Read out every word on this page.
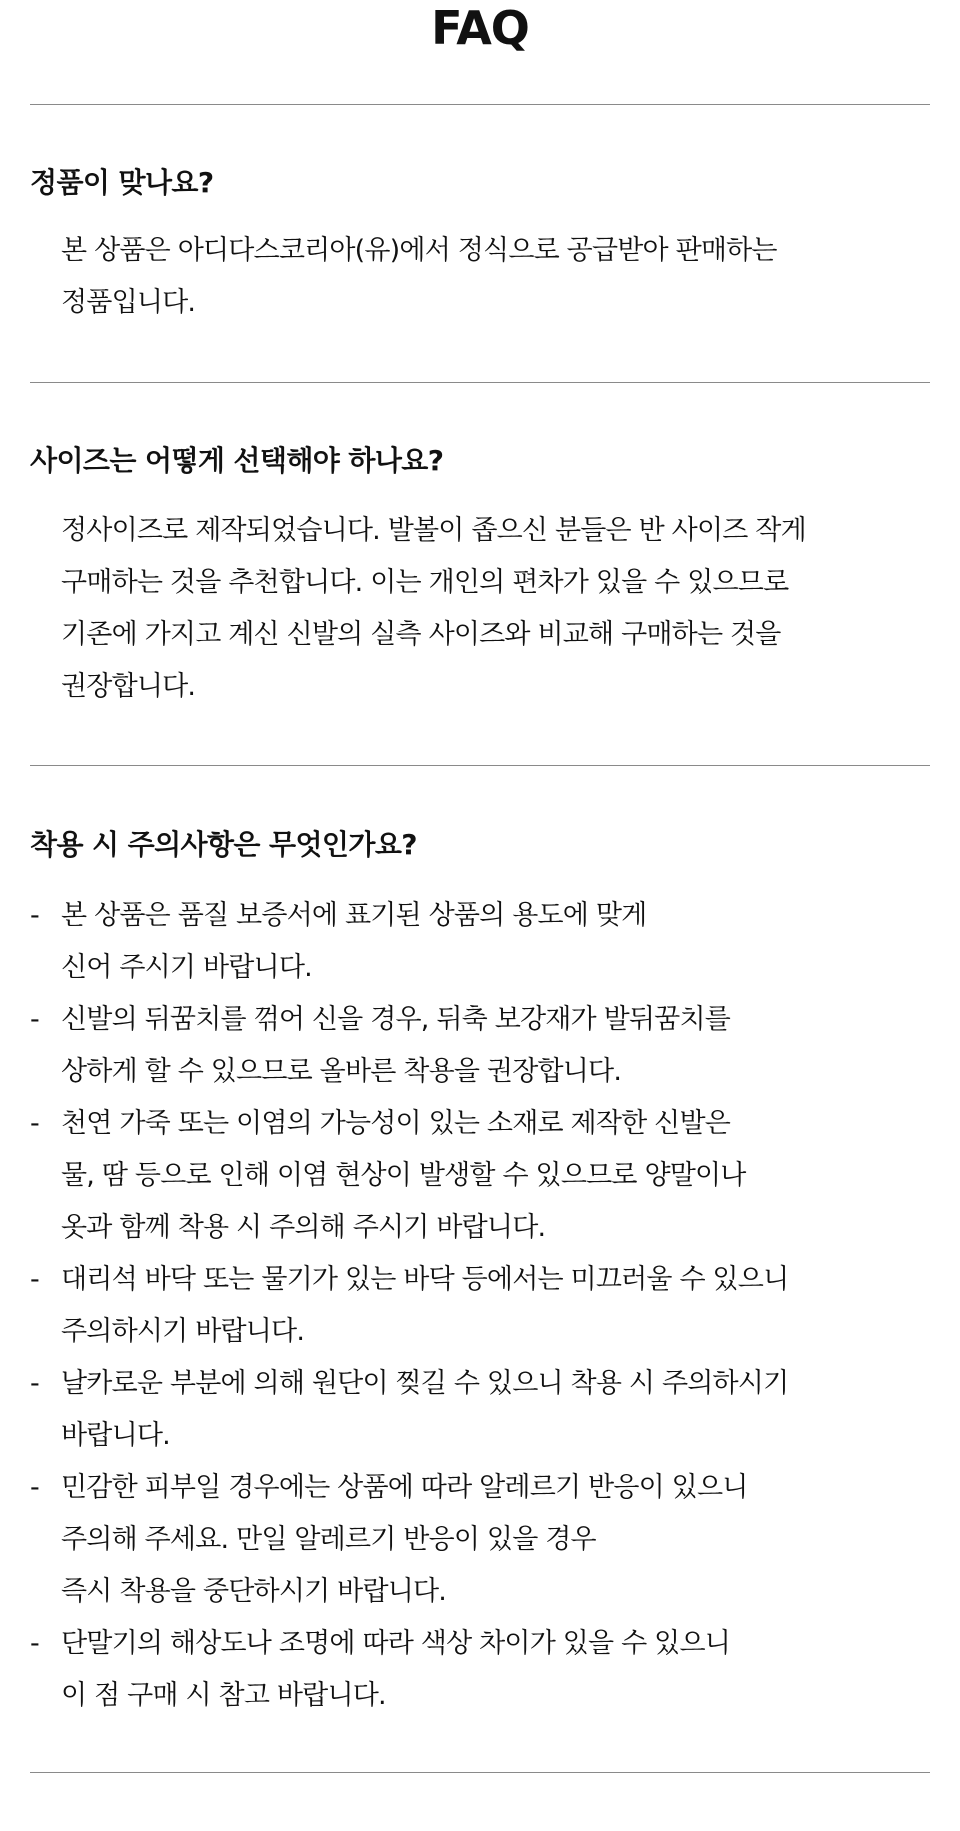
FAQ
정품이 맞나요?
본 상품은 아디다스코리아(유)에서 정식으로 공급받아 판매하는
정품입니다.
사이즈는 어떻게 선택해야 하나요?
정사이즈로 제작되었습니다. 발볼이 좁으신 분들은 반 사이즈 작게
구매하는 것을 추천합니다. 이는 개인의 편차가 있을 수 있으므로
기존에 가지고 계신 신발의 실측 사이즈와 비교해 구매하는 것을
권장합니다.
착용 시 주의사항은 무엇인가요?
- 본 상품은 품질 보증서에 표기된 상품의 용도에 맞게
신어 주시기 바랍니다.
- 신발의 뒤꿈치를 꺾어 신을 경우, 뒤축 보강재가 발뒤꿈치를
상하게 할 수 있으므로 올바른 착용을 권장합니다.
- 천연 가죽 또는 이염의 가능성이 있는 소재로 제작한 신발은
물, 땀 등으로 인해 이염 현상이 발생할 수 있으므로 양말이나
옷과 함께 착용 시 주의해 주시기 바랍니다.
- 대리석 바닥 또는 물기가 있는 바닥 등에서는 미끄러울 수 있으니
주의하시기 바랍니다.
- 날카로운 부분에 의해 원단이 찢길 수 있으니 착용 시 주의하시기
바랍니다.
- 민감한 피부일 경우에는 상품에 따라 알레르기 반응이 있으니
주의해 주세요. 만일 알레르기 반응이 있을 경우
즉시 착용을 중단하시기 바랍니다.
- 단말기의 해상도나 조명에 따라 색상 차이가 있을 수 있으니
이 점 구매 시 참고 바랍니다.
